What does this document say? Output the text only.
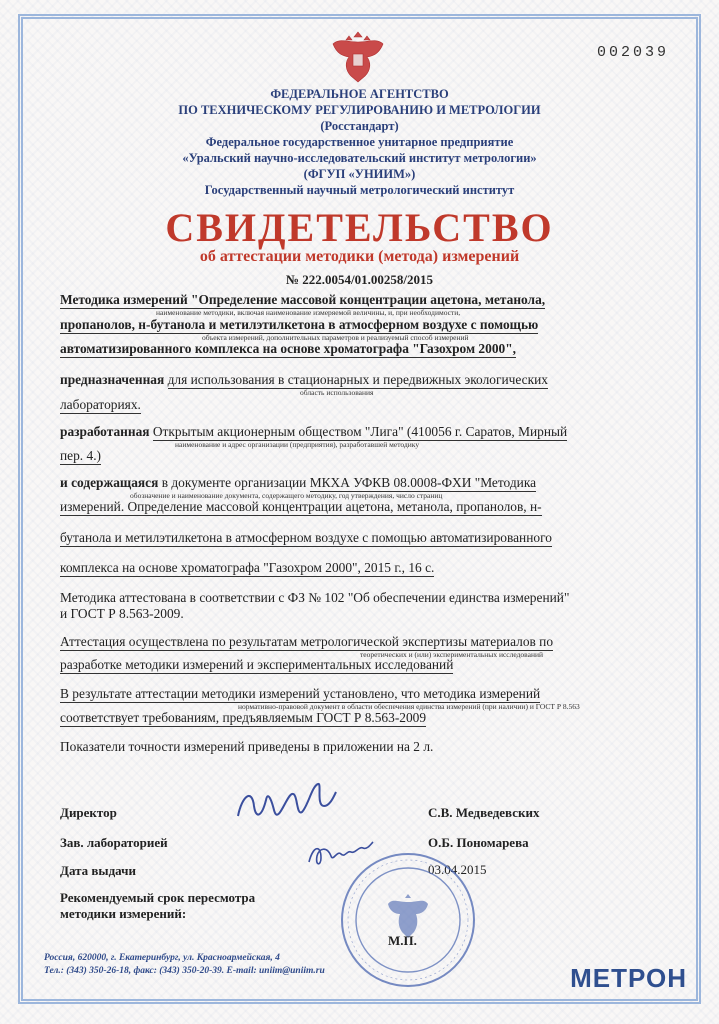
002039
ФЕДЕРАЛЬНОЕ АГЕНТСТВО
ПО ТЕХНИЧЕСКОМУ РЕГУЛИРОВАНИЮ И МЕТРОЛОГИИ
(Росстандарт)
Федеральное государственное унитарное предприятие
«Уральский научно-исследовательский институт метрологии»
(ФГУП «УНИИМ»)
Государственный научный метрологический институт
СВИДЕТЕЛЬСТВО
об аттестации методики (метода) измерений
№ 222.0054/01.00258/2015
Методика измерений "Определение массовой концентрации ацетона, метанола,
наименование методики, включая наименование измеряемой величины, и, при необходимости,
пропанолов, н-бутанола и метилэтилкетона в атмосферном воздухе с помощью
объекта измерений, дополнительных параметров и реализуемый способ измерений
автоматизированного комплекса на основе хроматографа "Газохром 2000",
предназначенная для использования в стационарных и передвижных экологических
область использования
лабораториях.
разработанная Открытым акционерным обществом "Лига" (410056 г. Саратов, Мирный
наименование и адрес организации (предприятия), разработавшей методику
пер. 4.)
и содержащаяся в документе организации МКХА УФКВ 08.0008-ФХИ "Методика
обозначение и наименование документа, содержащего методику, год утверждения, число страниц
измерений. Определение массовой концентрации ацетона, метанола, пропанолов, н-
бутанола и метилэтилкетона в атмосферном воздухе с помощью автоматизированного
комплекса на основе хроматографа "Газохром 2000", 2015 г., 16 с.
Методика аттестована в соответствии с ФЗ № 102 "Об обеспечении единства измерений"
и ГОСТ Р 8.563-2009.
Аттестация осуществлена по результатам метрологической экспертизы материалов по
теоретических и (или) экспериментальных исследований
разработке методики измерений и экспериментальных исследований
В результате аттестации методики измерений установлено, что методика измерений
нормативно-правовой документ в области обеспечения единства измерений (при наличии) и ГОСТ Р 8.563
соответствует требованиям, предъявляемым ГОСТ Р 8.563-2009
Показатели точности измерений приведены в приложении на 2 л.
Директор	С.В. Медведевских
Зав. лабораторией	О.Б. Пономарева
Дата выдачи	03.04.2015
Рекомендуемый срок пересмотра
методики измерений:
М.П.
Россия, 620000, г. Екатеринбург, ул. Красноармейская, 4
Тел.: (343) 350-26-18, факс: (343) 350-20-39. E-mail: uniim@uniim.ru	МЕТРОН
